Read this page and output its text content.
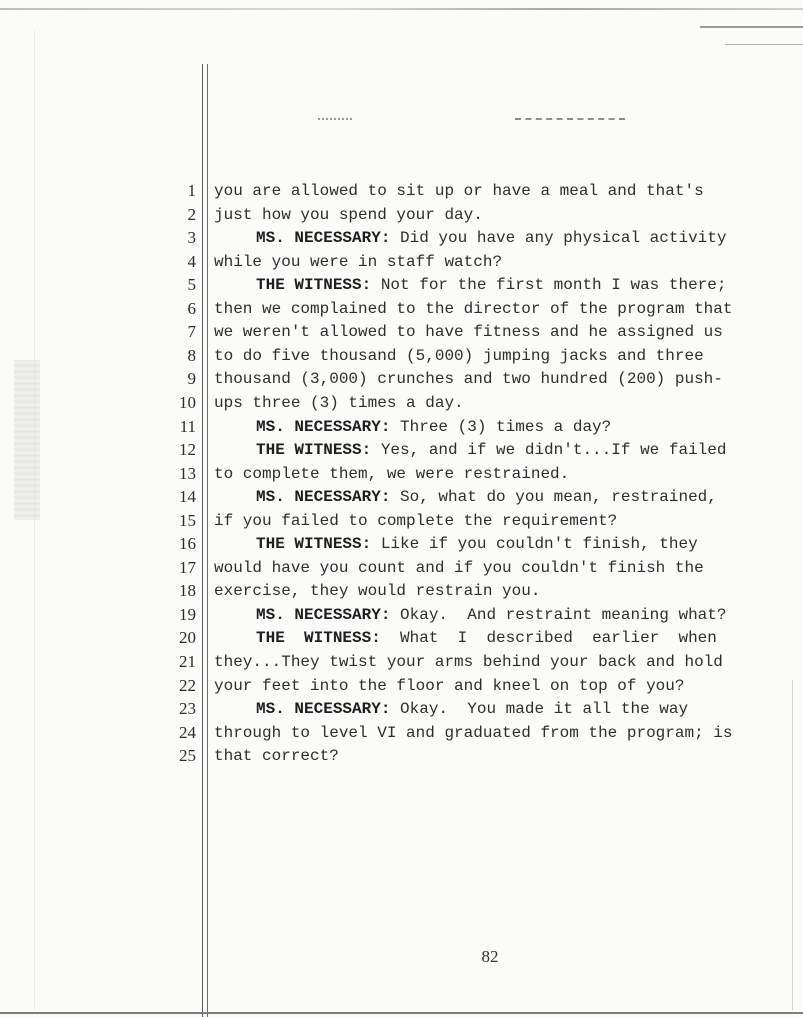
1 you are allowed to sit up or have a meal and that's
2 just how you spend your day.
3	MS. NECESSARY: Did you have any physical activity
4 while you were in staff watch?
5	THE WITNESS: Not for the first month I was there;
6 then we complained to the director of the program that
7 we weren't allowed to have fitness and he assigned us
8 to do five thousand (5,000) jumping jacks and three
9 thousand (3,000) crunches and two hundred (200) push-
10 ups three (3) times a day.
11	MS. NECESSARY: Three (3) times a day?
12	THE WITNESS: Yes, and if we didn't...If we failed
13 to complete them, we were restrained.
14	MS. NECESSARY: So, what do you mean, restrained,
15 if you failed to complete the requirement?
16	THE WITNESS: Like if you couldn't finish, they
17 would have you count and if you couldn't finish the
18 exercise, they would restrain you.
19	MS. NECESSARY: Okay.  And restraint meaning what?
20	THE  WITNESS:  What  I  described  earlier  when
21 they...They twist your arms behind your back and hold
22 your feet into the floor and kneel on top of you?
23	MS. NECESSARY: Okay.  You made it all the way
24 through to level VI and graduated from the program; is
25 that correct?
82
